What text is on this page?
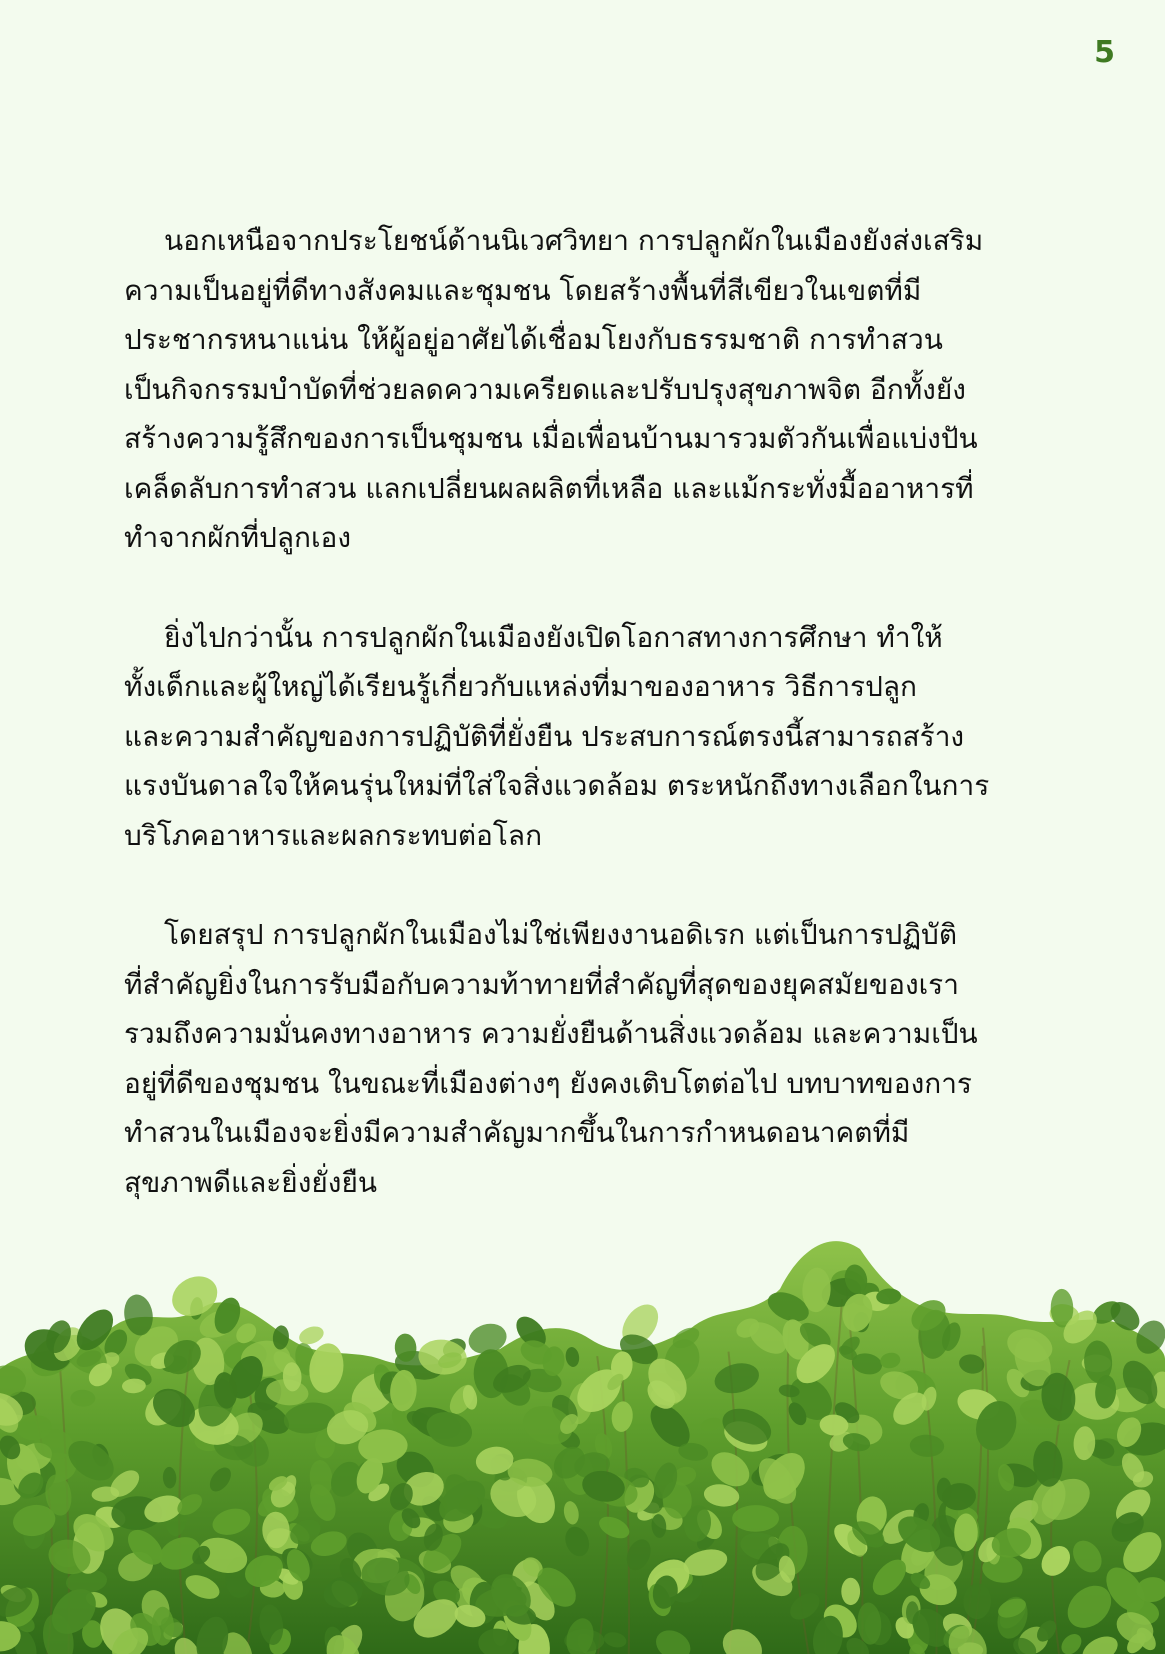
5
นอกเหนือจากประโยชน์ด้านนิเวศวิทยา การปลูกผักในเมืองยังส่งเสริม
ความเป็นอยู่ที่ดีทางสังคมและชุมชน โดยสร้างพื้นที่สีเขียวในเขตที่มี
ประชากรหนาแน่น ให้ผู้อยู่อาศัยได้เชื่อมโยงกับธรรมชาติ การทำสวน
เป็นกิจกรรมบำบัดที่ช่วยลดความเครียดและปรับปรุงสุขภาพจิต อีกทั้งยัง
สร้างความรู้สึกของการเป็นชุมชน เมื่อเพื่อนบ้านมารวมตัวกันเพื่อแบ่งปัน
เคล็ดลับการทำสวน แลกเปลี่ยนผลผลิตที่เหลือ และแม้กระทั่งมื้ออาหารที่
ทำจากผักที่ปลูกเอง
ยิ่งไปกว่านั้น การปลูกผักในเมืองยังเปิดโอกาสทางการศึกษา ทำให้
ทั้งเด็กและผู้ใหญ่ได้เรียนรู้เกี่ยวกับแหล่งที่มาของอาหาร วิธีการปลูก
และความสำคัญของการปฏิบัติที่ยั่งยืน ประสบการณ์ตรงนี้สามารถสร้าง
แรงบันดาลใจให้คนรุ่นใหม่ที่ใส่ใจสิ่งแวดล้อม ตระหนักถึงทางเลือกในการ
บริโภคอาหารและผลกระทบต่อโลก
โดยสรุป การปลูกผักในเมืองไม่ใช่เพียงงานอดิเรก แต่เป็นการปฏิบัติ
ที่สำคัญยิ่งในการรับมือกับความท้าทายที่สำคัญที่สุดของยุคสมัยของเรา
รวมถึงความมั่นคงทางอาหาร ความยั่งยืนด้านสิ่งแวดล้อม และความเป็น
อยู่ที่ดีของชุมชน ในขณะที่เมืองต่างๆ ยังคงเติบโตต่อไป บทบาทของการ
ทำสวนในเมืองจะยิ่งมีความสำคัญมากขึ้นในการกำหนดอนาคตที่มี
สุขภาพดีและยิ่งยั่งยืน
